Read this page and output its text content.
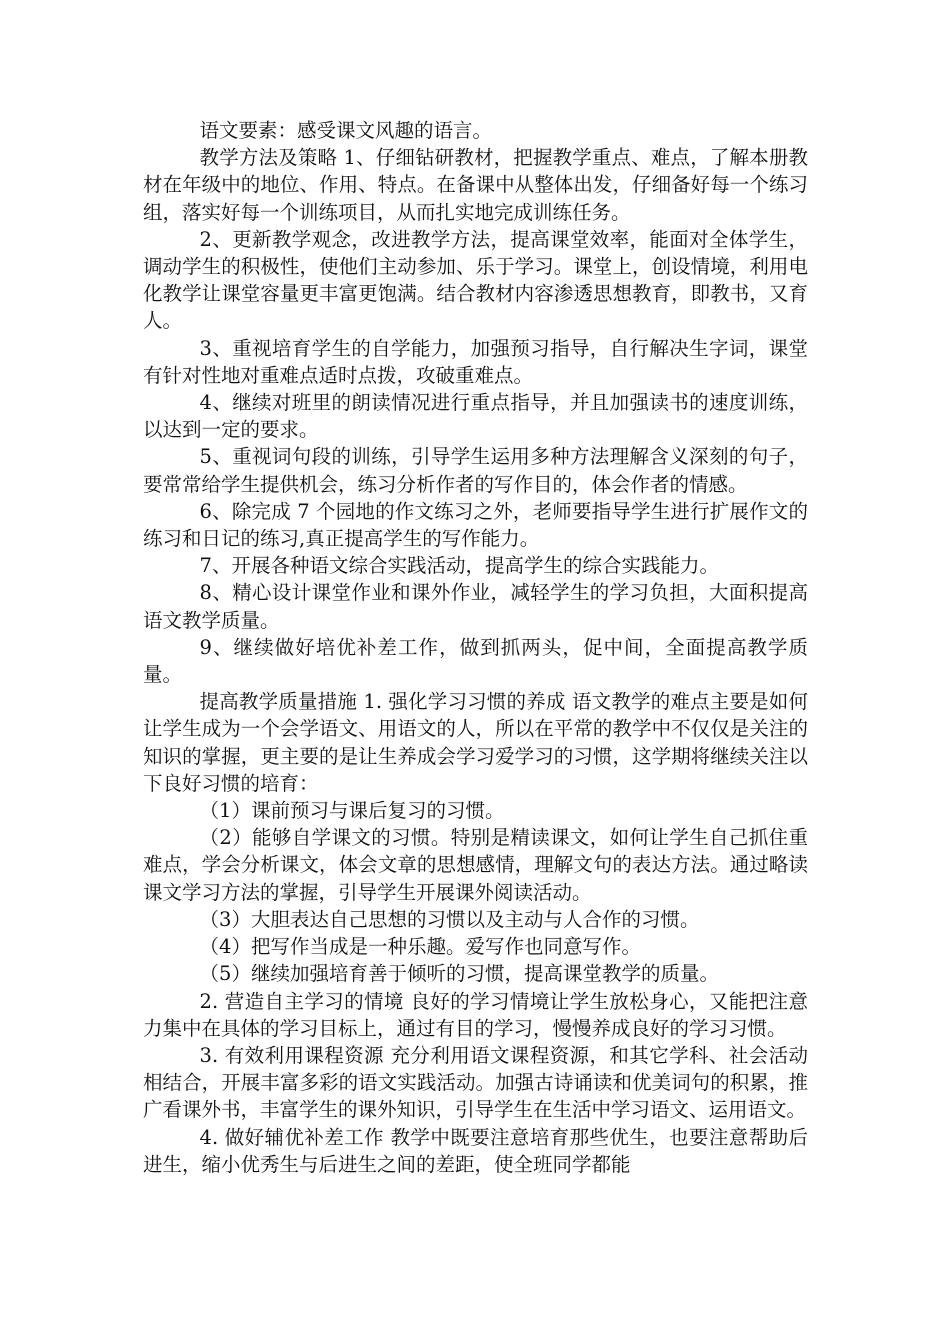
语文要素：感受课文风趣的语言。

教学方法及策略 1、仔细钻研教材，把握教学重点、难点，了解本册教材在年级中的地位、作用、特点。在备课中从整体出发，仔细备好每一个练习组，落实好每一个训练项目，从而扎实地完成训练任务。

2、更新教学观念，改进教学方法，提高课堂效率，能面对全体学生，调动学生的积极性，使他们主动参加、乐于学习。课堂上，创设情境，利用电化教学让课堂容量更丰富更饱满。结合教材内容渗透思想教育，即教书，又育人。

3、重视培育学生的自学能力，加强预习指导，自行解决生字词，课堂有针对性地对重难点适时点拨，攻破重难点。

4、继续对班里的朗读情况进行重点指导，并且加强读书的速度训练，以达到一定的要求。

5、重视词句段的训练，引导学生运用多种方法理解含义深刻的句子，要常常给学生提供机会，练习分析作者的写作目的，体会作者的情感。

6、除完成 7 个园地的作文练习之外，老师要指导学生进行扩展作文的练习和日记的练习,真正提高学生的写作能力。

7、开展各种语文综合实践活动，提高学生的综合实践能力。

8、精心设计课堂作业和课外作业，减轻学生的学习负担，大面积提高语文教学质量。

9、继续做好培优补差工作，做到抓两头，促中间，全面提高教学质量。

提高教学质量措施 1. 强化学习习惯的养成 语文教学的难点主要是如何让学生成为一个会学语文、用语文的人，所以在平常的教学中不仅仅是关注的知识的掌握，更主要的是让生养成会学习爱学习的习惯，这学期将继续关注以下良好习惯的培育：

（1）课前预习与课后复习的习惯。

（2）能够自学课文的习惯。特别是精读课文，如何让学生自己抓住重难点，学会分析课文，体会文章的思想感情，理解文句的表达方法。通过略读课文学习方法的掌握，引导学生开展课外阅读活动。

（3）大胆表达自己思想的习惯以及主动与人合作的习惯。

（4）把写作当成是一种乐趣。爱写作也同意写作。

（5）继续加强培育善于倾听的习惯，提高课堂教学的质量。

2. 营造自主学习的情境 良好的学习情境让学生放松身心，又能把注意力集中在具体的学习目标上，通过有目的学习，慢慢养成良好的学习习惯。

3. 有效利用课程资源 充分利用语文课程资源，和其它学科、社会活动相结合，开展丰富多彩的语文实践活动。加强古诗诵读和优美词句的积累，推广看课外书，丰富学生的课外知识，引导学生在生活中学习语文、运用语文。

4. 做好辅优补差工作 教学中既要注意培育那些优生，也要注意帮助后进生，缩小优秀生与后进生之间的差距，使全班同学都能
